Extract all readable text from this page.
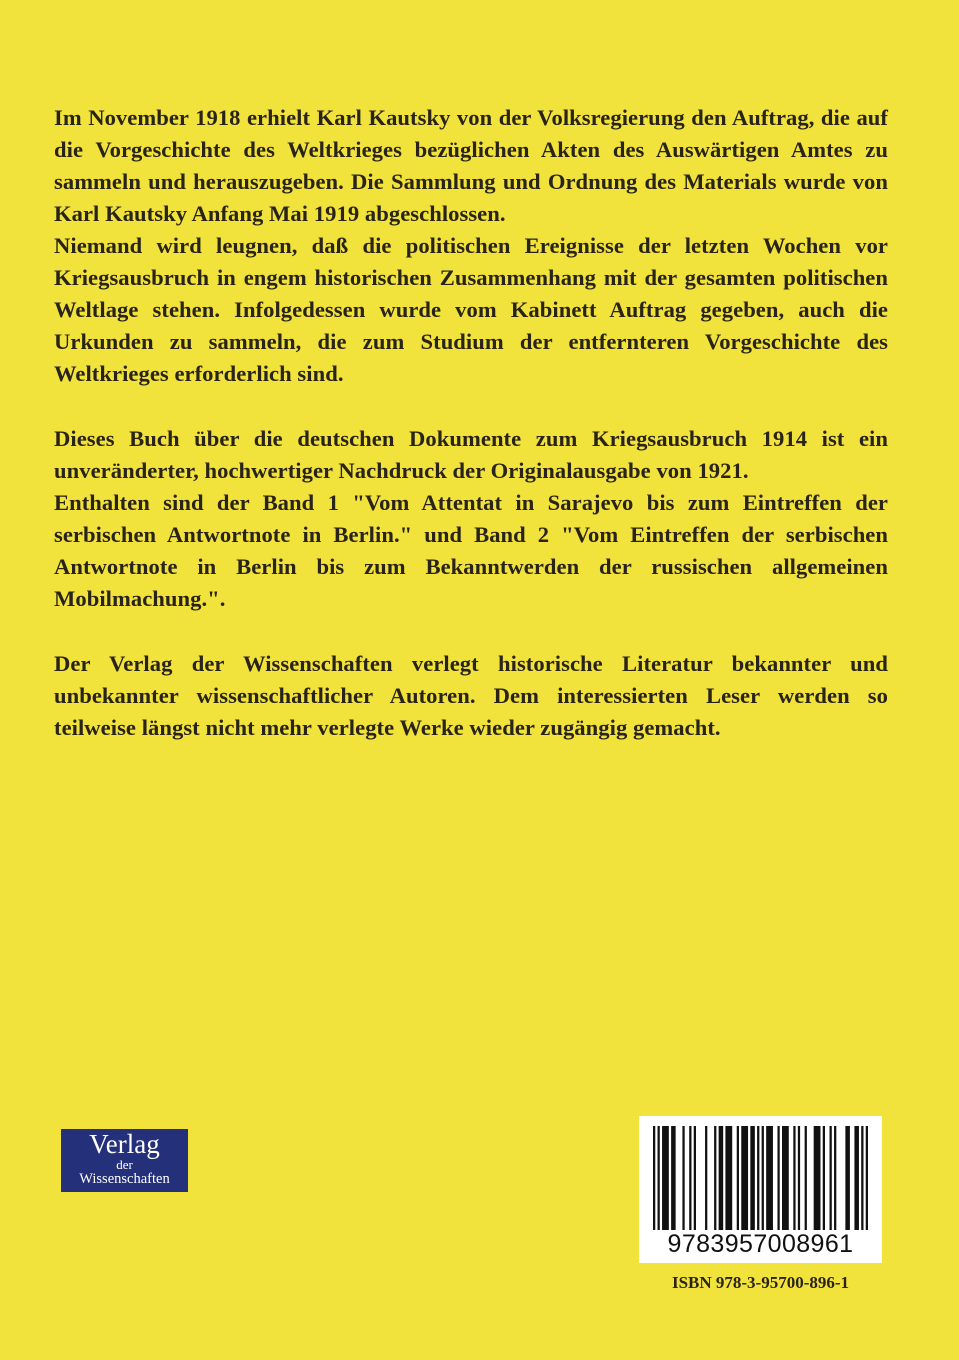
Im November 1918 erhielt Karl Kautsky von der Volksregierung den Auftrag, die auf die Vorgeschichte des Weltkrieges bezüglichen Akten des Auswärtigen Amtes zu sammeln und herauszugeben. Die Sammlung und Ordnung des Materials wurde von Karl Kautsky Anfang Mai 1919 abgeschlossen.

Niemand wird leugnen, daß die politischen Ereignisse der letzten Wochen vor Kriegsausbruch in engem historischen Zusammenhang mit der gesamten politischen Weltlage stehen. Infolgedessen wurde vom Kabinett Auftrag gegeben, auch die Urkunden zu sammeln, die zum Studium der entfernteren Vorgeschichte des Weltkrieges erforderlich sind.

Dieses Buch über die deutschen Dokumente zum Kriegsausbruch 1914 ist ein unveränderter, hochwertiger Nachdruck der Originalausgabe von 1921.

Enthalten sind der Band 1 "Vom Attentat in Sarajevo bis zum Eintreffen der serbischen Antwortnote in Berlin." und Band 2 "Vom Eintreffen der serbischen Antwortnote in Berlin bis zum Bekanntwerden der russischen allgemeinen Mobilmachung.".

Der Verlag der Wissenschaften verlegt historische Literatur bekannter und unbekannter wissenschaftlicher Autoren. Dem interessierten Leser werden so teilweise längst nicht mehr verlegte Werke wieder zugängig gemacht.

Verlag
der
Wissenschaften
9783957008961
ISBN 978-3-95700-896-1
